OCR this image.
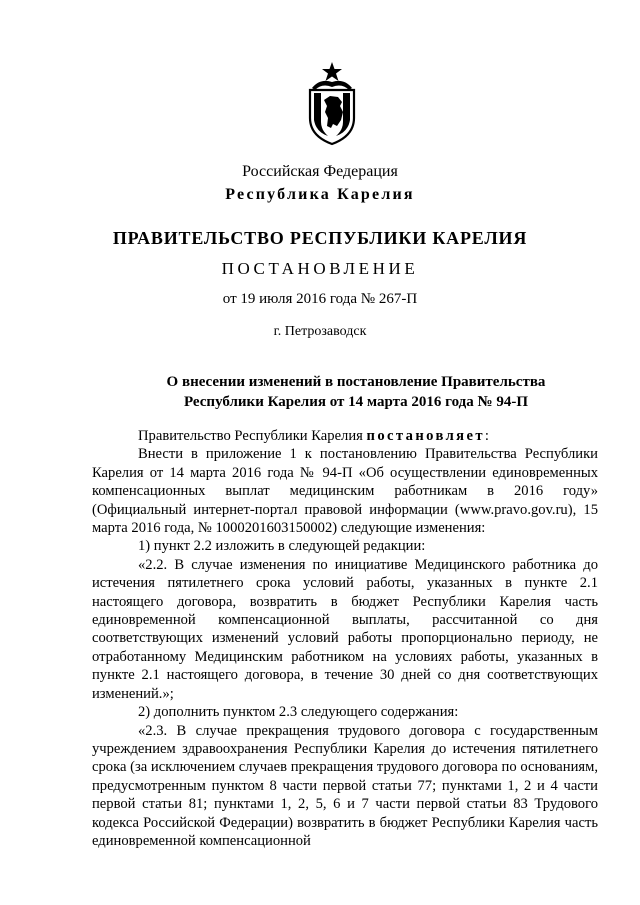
Российская Федерация
Республика Карелия
ПРАВИТЕЛЬСТВО РЕСПУБЛИКИ КАРЕЛИЯ
ПОСТАНОВЛЕНИЕ
от 19 июля 2016 года № 267-П
г. Петрозаводск
О внесении изменений в постановление Правительства
Республики Карелия от 14 марта 2016 года № 94-П

Правительство Республики Карелия постановляет:

Внести в приложение 1 к постановлению Правительства Республики Карелия от 14 марта 2016 года № 94-П «Об осуществлении единовременных компенсационных выплат медицинским работникам в 2016 году» (Официальный интернет-портал правовой информации (www.pravo.gov.ru), 15 марта 2016 года, № 1000201603150002) следующие изменения:

1) пункт 2.2 изложить в следующей редакции:

«2.2. В случае изменения по инициативе Медицинского работника до истечения пятилетнего срока условий работы, указанных в пункте 2.1 настоящего договора, возвратить в бюджет Республики Карелия часть единовременной компенсационной выплаты, рассчитанной со дня соответствующих изменений условий работы пропорционально периоду, не отработанному Медицинским работником на условиях работы, указанных в пункте 2.1 настоящего договора, в течение 30 дней со дня соответствующих изменений.»;

2) дополнить пунктом 2.3 следующего содержания:

«2.3. В случае прекращения трудового договора с государственным учреждением здравоохранения Республики Карелия до истечения пятилетнего срока (за исключением случаев прекращения трудового договора по основаниям, предусмотренным пунктом 8 части первой статьи 77; пунктами 1, 2 и 4 части первой статьи 81; пунктами 1, 2, 5, 6 и 7 части первой статьи 83 Трудового кодекса Российской Федерации) возвратить в бюджет Республики Карелия часть единовременной компенсационной
